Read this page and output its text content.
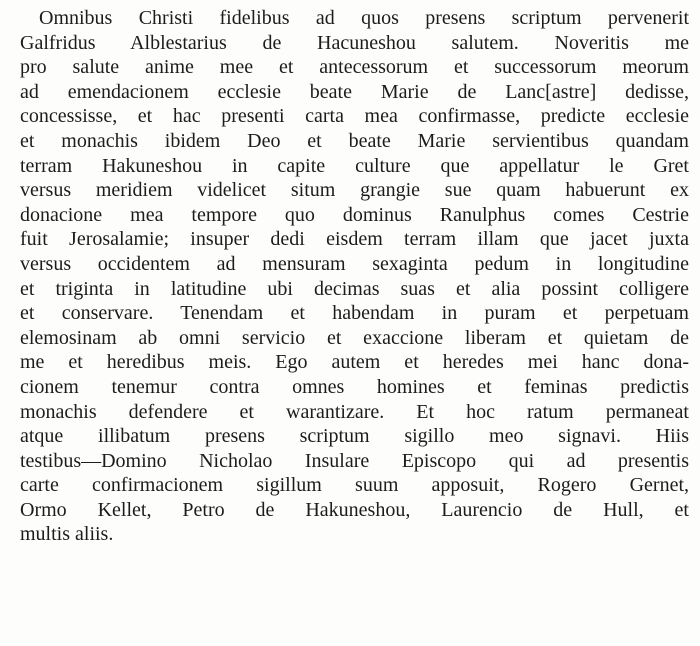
Omnibus Christi fidelibus ad quos presens scriptum pervenerit
Galfridus Alblestarius de Hacuneshou salutem. Noveritis me
pro salute anime mee et antecessorum et successorum meorum
ad emendacionem ecclesie beate Marie de Lanc[astre] dedisse,
concessisse, et hac presenti carta mea confirmasse, predicte ecclesie
et monachis ibidem Deo et beate Marie servientibus quandam
terram Hakuneshou in capite culture que appellatur le Gret
versus meridiem videlicet situm grangie sue quam habuerunt ex
donacione mea tempore quo dominus Ranulphus comes Cestrie
fuit Jerosalamie; insuper dedi eisdem terram illam que jacet juxta
versus occidentem ad mensuram sexaginta pedum in longitudine
et triginta in latitudine ubi decimas suas et alia possint colligere
et conservare. Tenendam et habendam in puram et perpetuam
elemosinam ab omni servicio et exaccione liberam et quietam de
me et heredibus meis. Ego autem et heredes mei hanc dona-
cionem tenemur contra omnes homines et feminas predictis
monachis defendere et warantizare. Et hoc ratum permaneat
atque illibatum presens scriptum sigillo meo signavi. Hiis
testibus—Domino Nicholao Insulare Episcopo qui ad presentis
carte confirmacionem sigillum suum apposuit, Rogero Gernet,
Ormo Kellet, Petro de Hakuneshou, Laurencio de Hull, et
multis aliis.
